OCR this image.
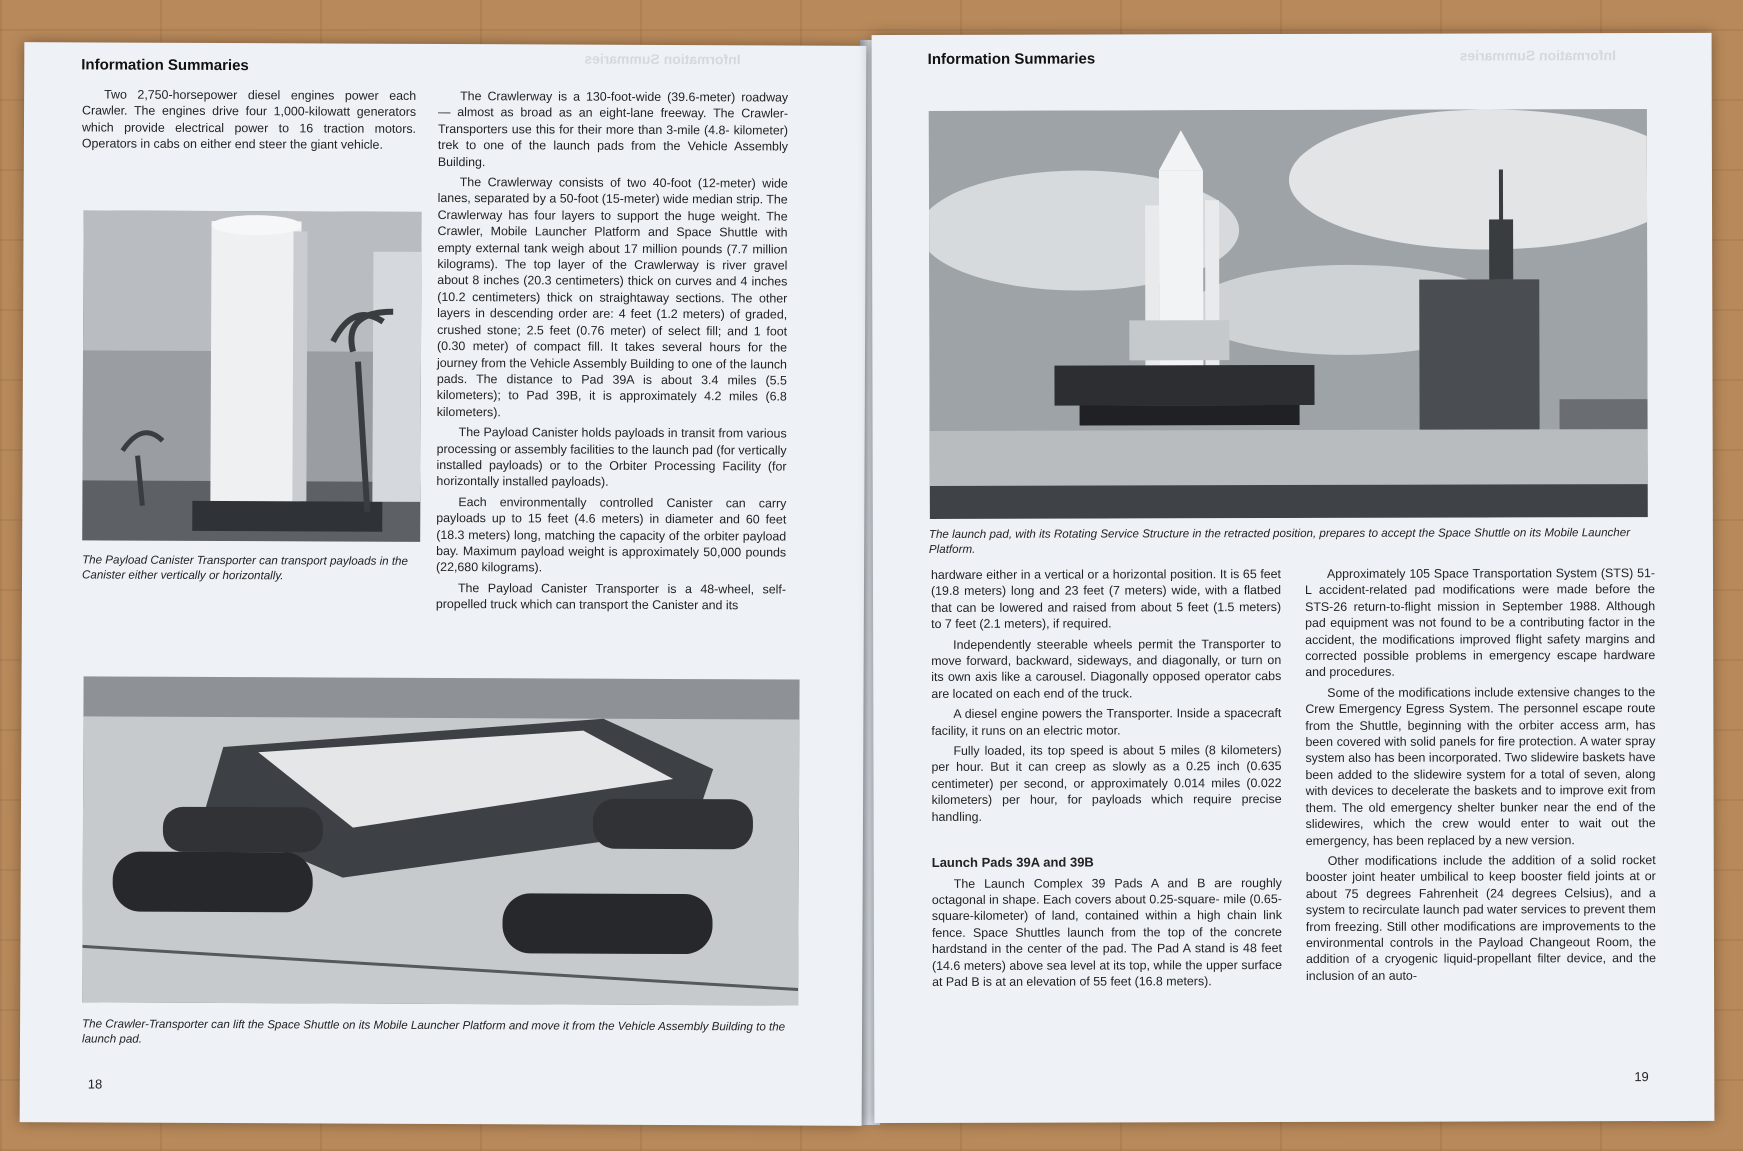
Information Summaries
Information Summaries

Two 2,750-horsepower diesel engines power each Crawler. The engines drive four 1,000-kilowatt generators which provide electrical power to 16 traction motors. Operators in cabs on either end steer the giant vehicle.

The Payload Canister Transporter can transport payloads in the Canister either vertically or horizontally.

The Crawlerway is a 130-foot-wide (39.6-meter) roadway — almost as broad as an eight-lane freeway. The Crawler-Transporters use this for their more than 3-mile (4.8- kilometer) trek to one of the launch pads from the Vehicle Assembly Building.

The Crawlerway consists of two 40-foot (12-meter) wide lanes, separated by a 50-foot (15-meter) wide median strip. The Crawlerway has four layers to support the huge weight. The Crawler, Mobile Launcher Platform and Space Shuttle with empty external tank weigh about 17 million pounds (7.7 million kilograms). The top layer of the Crawlerway is river gravel about 8 inches (20.3 centimeters) thick on curves and 4 inches (10.2 centimeters) thick on straightaway sections. The other layers in descending order are: 4 feet (1.2 meters) of graded, crushed stone; 2.5 feet (0.76 meter) of select fill; and 1 foot (0.30 meter) of compact fill. It takes several hours for the journey from the Vehicle Assembly Building to one of the launch pads. The distance to Pad 39A is about 3.4 miles (5.5 kilometers); to Pad 39B, it is approximately 4.2 miles (6.8 kilometers).

The Payload Canister holds payloads in transit from various processing or assembly facilities to the launch pad (for vertically installed payloads) or to the Orbiter Processing Facility (for horizontally installed payloads).

Each environmentally controlled Canister can carry payloads up to 15 feet (4.6 meters) in diameter and 60 feet (18.3 meters) long, matching the capacity of the orbiter payload bay. Maximum payload weight is approximately 50,000 pounds (22,680 kilograms).

The Payload Canister Transporter is a 48-wheel, self-propelled truck which can transport the Canister and its

The Crawler-Transporter can lift the Space Shuttle on its Mobile Launcher Platform and move it from the Vehicle Assembly Building to the launch pad.
18
Information Summaries
Information Summaries
The launch pad, with its Rotating Service Structure in the retracted position, prepares to accept the Space Shuttle on its Mobile Launcher Platform.

hardware either in a vertical or a horizontal position. It is 65 feet (19.8 meters) long and 23 feet (7 meters) wide, with a flatbed that can be lowered and raised from about 5 feet (1.5 meters) to 7 feet (2.1 meters), if required.

Independently steerable wheels permit the Transporter to move forward, backward, sideways, and diagonally, or turn on its own axis like a carousel. Diagonally opposed operator cabs are located on each end of the truck.

A diesel engine powers the Transporter. Inside a spacecraft facility, it runs on an electric motor.

Fully loaded, its top speed is about 5 miles (8 kilometers) per hour. But it can creep as slowly as a 0.25 inch (0.635 centimeter) per second, or approximately 0.014 miles (0.022 kilometers) per hour, for payloads which require precise handling.

Launch Pads 39A and 39B

The Launch Complex 39 Pads A and B are roughly octagonal in shape. Each covers about 0.25-square- mile (0.65-square-kilometer) of land, contained within a high chain link fence. Space Shuttles launch from the top of the concrete hardstand in the center of the pad. The Pad A stand is 48 feet (14.6 meters) above sea level at its top, while the upper surface at Pad B is at an elevation of 55 feet (16.8 meters).

Approximately 105 Space Transportation System (STS) 51-L accident-related pad modifications were made before the STS-26 return-to-flight mission in September 1988. Although pad equipment was not found to be a contributing factor in the accident, the modifications improved flight safety margins and corrected possible problems in emergency escape hardware and procedures.

Some of the modifications include extensive changes to the Crew Emergency Egress System. The personnel escape route from the Shuttle, beginning with the orbiter access arm, has been covered with solid panels for fire protection. A water spray system also has been incorporated. Two slidewire baskets have been added to the slidewire system for a total of seven, along with devices to decelerate the baskets and to improve exit from them. The old emergency shelter bunker near the end of the slidewires, which the crew would enter to wait out the emergency, has been replaced by a new version.

Other modifications include the addition of a solid rocket booster joint heater umbilical to keep booster field joints at or about 75 degrees Fahrenheit (24 degrees Celsius), and a system to recirculate launch pad water services to prevent them from freezing. Still other modifications are improvements to the environmental controls in the Payload Changeout Room, the addition of a cryogenic liquid-propellant filter device, and the inclusion of an auto-

19
